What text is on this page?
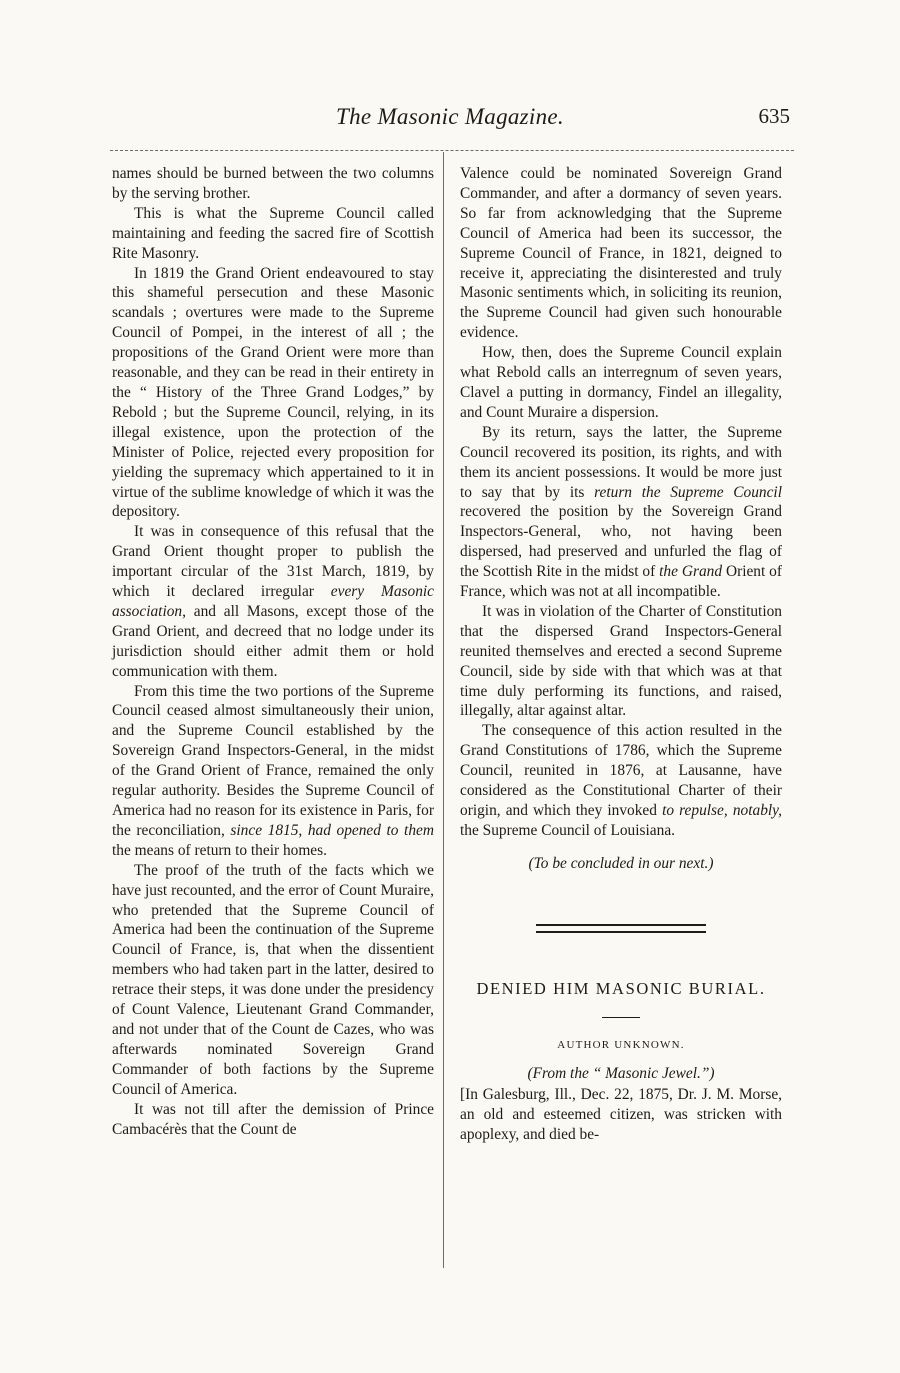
The Masonic Magazine.	635

names should be burned between the two columns by the serving brother.

This is what the Supreme Council called maintaining and feeding the sacred fire of Scottish Rite Masonry.

In 1819 the Grand Orient endeavoured to stay this shameful persecution and these Masonic scandals ; overtures were made to the Supreme Council of Pompei, in the interest of all ; the propositions of the Grand Orient were more than reasonable, and they can be read in their entirety in the “ History of the Three Grand Lodges,” by Rebold ; but the Supreme Council, relying, in its illegal existence, upon the protection of the Minister of Police, rejected every proposition for yielding the supremacy which appertained to it in virtue of the sublime knowledge of which it was the depository.

It was in consequence of this refusal that the Grand Orient thought proper to publish the important circular of the 31st March, 1819, by which it declared irregular every Masonic association, and all Masons, except those of the Grand Orient, and decreed that no lodge under its jurisdiction should either admit them or hold communication with them.

From this time the two portions of the Supreme Council ceased almost simultaneously their union, and the Supreme Council established by the Sovereign Grand Inspectors-General, in the midst of the Grand Orient of France, remained the only regular authority. Besides the Supreme Council of America had no reason for its existence in Paris, for the reconciliation, since 1815, had opened to them the means of return to their homes.

The proof of the truth of the facts which we have just recounted, and the error of Count Muraire, who pretended that the Supreme Council of America had been the continuation of the Supreme Council of France, is, that when the dissentient members who had taken part in the latter, desired to retrace their steps, it was done under the presidency of Count Valence, Lieutenant Grand Commander, and not under that of the Count de Cazes, who was afterwards nominated Sovereign Grand Commander of both factions by the Supreme Council of America.

It was not till after the demission of Prince Cambacérès that the Count de

Valence could be nominated Sovereign Grand Commander, and after a dormancy of seven years. So far from acknowledging that the Supreme Council of America had been its successor, the Supreme Council of France, in 1821, deigned to receive it, appreciating the disinterested and truly Masonic sentiments which, in soliciting its reunion, the Supreme Council had given such honourable evidence.

How, then, does the Supreme Council explain what Rebold calls an interregnum of seven years, Clavel a putting in dormancy, Findel an illegality, and Count Muraire a dispersion.

By its return, says the latter, the Supreme Council recovered its position, its rights, and with them its ancient possessions. It would be more just to say that by its return the Supreme Council recovered the position by the Sovereign Grand Inspectors-General, who, not having been dispersed, had preserved and unfurled the flag of the Scottish Rite in the midst of the Grand Orient of France, which was not at all incompatible.

It was in violation of the Charter of Constitution that the dispersed Grand Inspectors-General reunited themselves and erected a second Supreme Council, side by side with that which was at that time duly performing its functions, and raised, illegally, altar against altar.

The consequence of this action resulted in the Grand Constitutions of 1786, which the Supreme Council, reunited in 1876, at Lausanne, have considered as the Constitutional Charter of their origin, and which they invoked to repulse, notably, the Supreme Council of Louisiana.

(To be concluded in our next.)
DENIED HIM MASONIC BURIAL.
AUTHOR UNKNOWN.
(From the “ Masonic Jewel.”)

[In Galesburg, Ill., Dec. 22, 1875, Dr. J. M. Morse, an old and esteemed citizen, was stricken with apoplexy, and died be-
